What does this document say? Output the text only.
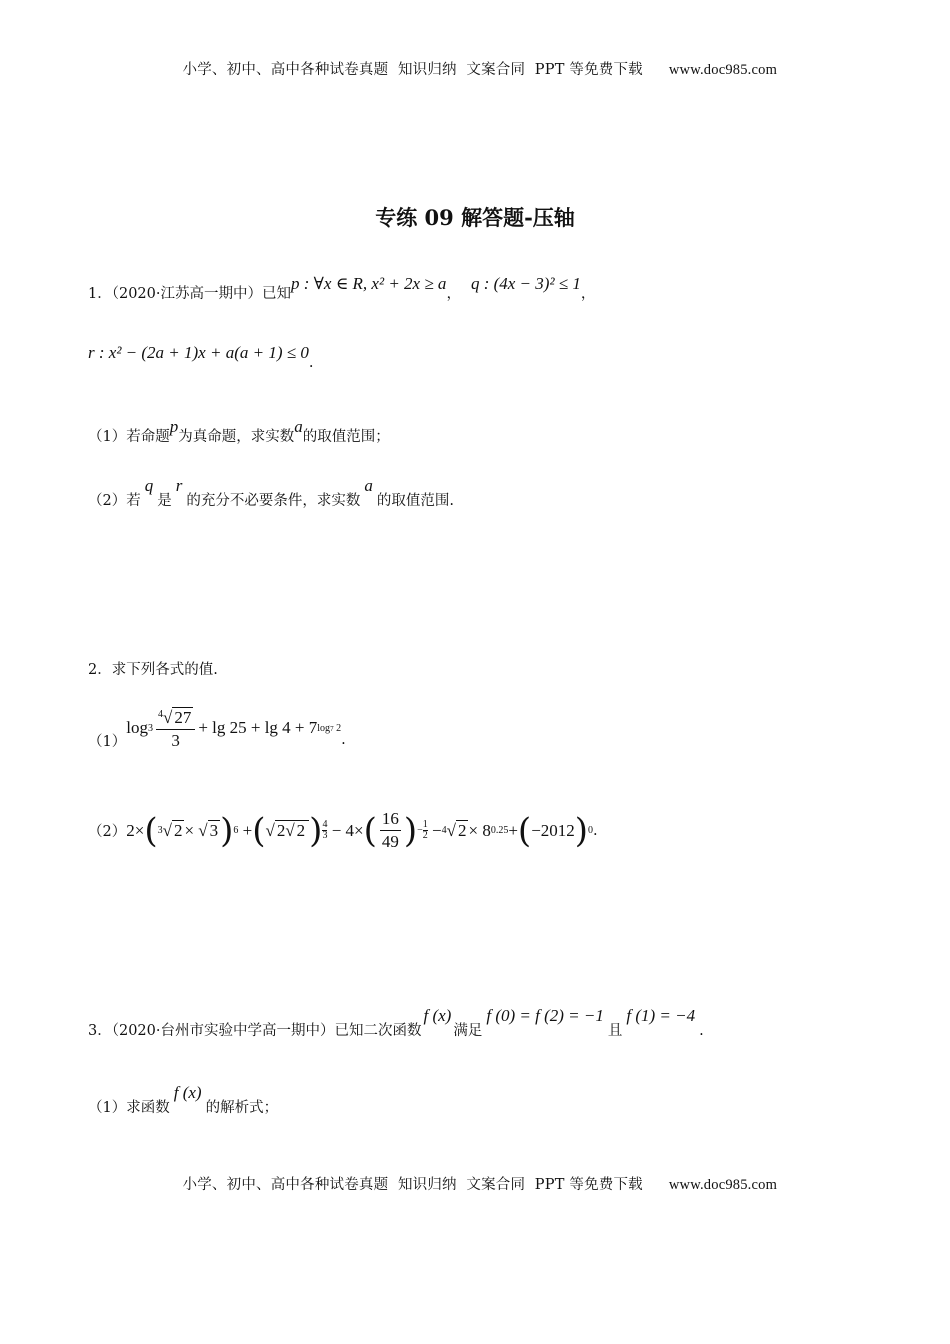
小学、初中、高中各种试卷真题  知识归纳  文案合同  PPT 等免费下载 www.doc985.com

专练 09 解答题-压轴
1．（2020·江苏高一期中）已知p : ∀x ∈ R, x² + 2x ≥ a，q : (4x − 3)² ≤ 1，
r : x² − (2a + 1)x + a(a + 1) ≤ 0.
（1）若命题p为真命题，求实数a的取值范围；
（2）若q是r的充分不必要条件，求实数a的取值范围.
2．求下列各式的值.
（1）
$\log 3 \frac{^4√ 27}{3} + \lg 25 + \lg 4 + 7$ log7 2
.
（2） 2× ( 3 √ 2 × √ 3 ) 6 + ( √ 2√ 2 ) 4
3 − 4× ( $\frac{16}{49}$ ) − 1
2 − 4 √ 2 × 8 0.25 + ( −2012 ) 0 .
3．（2020·台州市实验中学高一期中）已知二次函数f (x)满足f (0) = f (2) = −1且f (1) = −4.
（1）求函数f (x)的解析式；

小学、初中、高中各种试卷真题  知识归纳  文案合同  PPT 等免费下载 www.doc985.com
